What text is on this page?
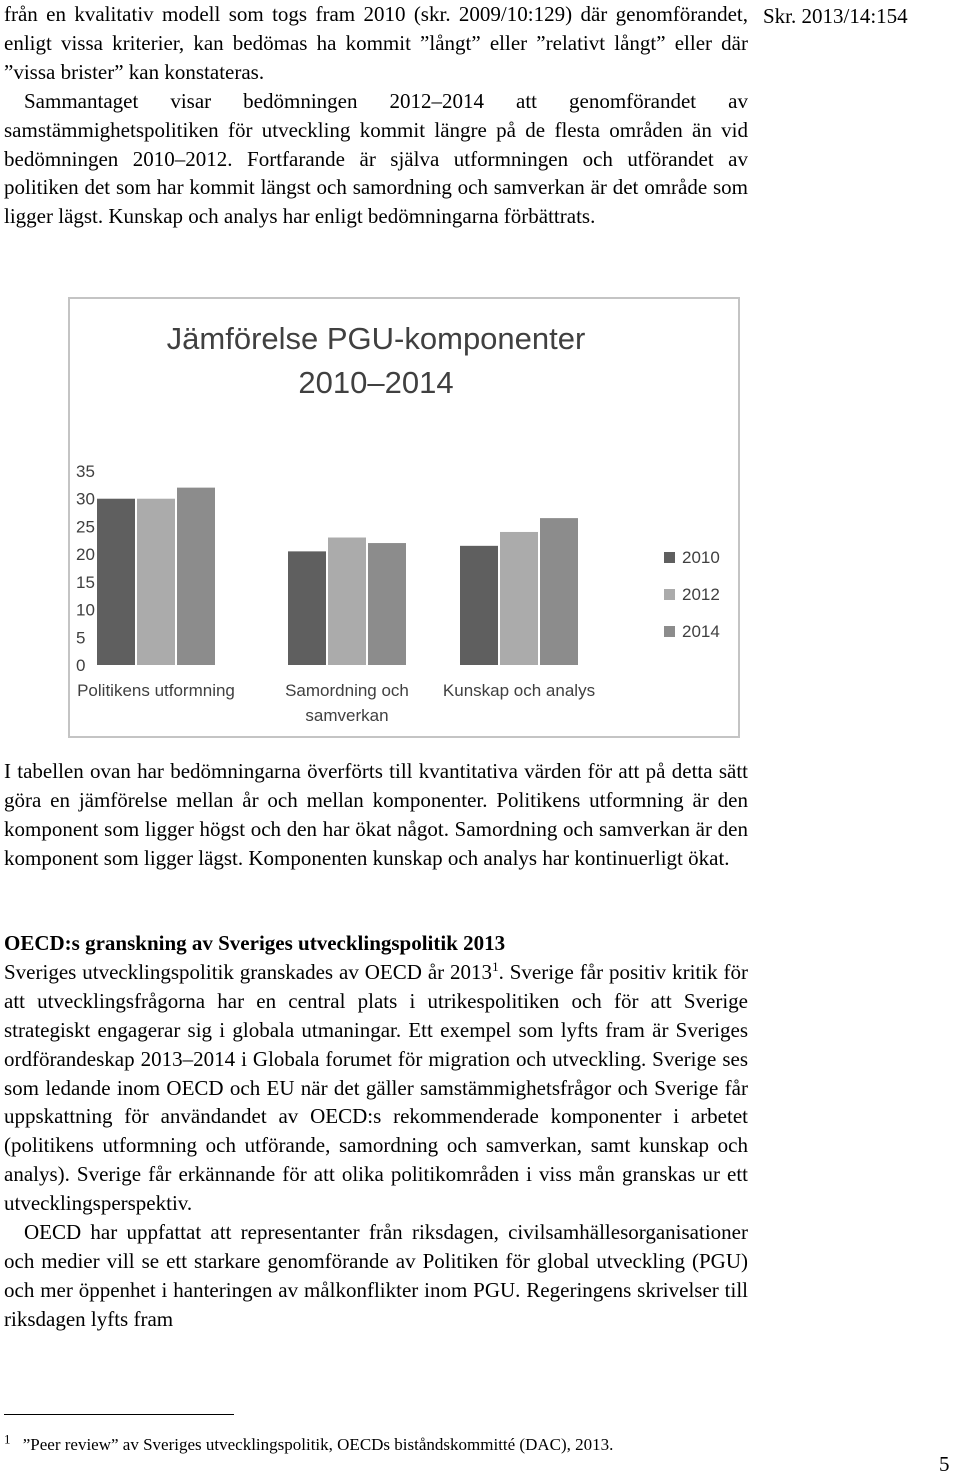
Skr. 2013/14:154

från en kvalitativ modell som togs fram 2010 (skr. 2009/10:129) där genomförandet, enligt vissa kriterier, kan bedömas ha kommit ”långt” eller ”relativt långt” eller där ”vissa brister” kan konstateras.

Sammantaget visar bedömningen 2012–2014 att genomförandet av samstämmighetspolitiken för utveckling kommit längre på de flesta områden än vid bedömningen 2010–2012. Fortfarande är själva utformningen och utförandet av politiken det som har kommit längst och samordning och samverkan är det område som ligger lägst. Kunskap och analys har enligt bedömningarna förbättrats.

Jämförelse PGU-komponenter
2010–2014
0
5
10
15
20
25
30
35
Politikens utformning	Samordning och
samverkan
Kunskap och analys
2010
2012
2014

I tabellen ovan har bedömningarna överförts till kvantitativa värden för att på detta sätt göra en jämförelse mellan år och mellan komponenter. Politikens utformning är den komponent som ligger högst och den har ökat något. Samordning och samverkan är den komponent som ligger lägst. Komponenten kunskap och analys har kontinuerligt ökat.

OECD:s granskning av Sveriges utvecklingspolitik 2013

Sveriges utvecklingspolitik granskades av OECD år 2013$^1$. Sverige får positiv kritik för att utvecklingsfrågorna har en central plats i utrikespolitiken och för att Sverige strategiskt engagerar sig i globala utmaningar. Ett exempel som lyfts fram är Sveriges ordförandeskap 2013–2014 i Globala forumet för migration och utveckling. Sverige ses som ledande inom OECD och EU när det gäller samstämmighetsfrågor och Sverige får uppskattning för användandet av OECD:s rekommenderade komponenter i arbetet (politikens utformning och utförande, samordning och samverkan, samt kunskap och analys). Sverige får erkännande för att olika politikområden i viss mån granskas ur ett utvecklingsperspektiv.

OECD har uppfattat att representanter från riksdagen, civilsamhällesorganisationer och medier vill se ett starkare genomförande av Politiken för global utveckling (PGU) och mer öppenhet i hanteringen av målkonflikter inom PGU. Regeringens skrivelser till riksdagen lyfts fram

$^1$ ”Peer review” av Sveriges utvecklingspolitik, OECDs biståndskommitté (DAC), 2013.
5
